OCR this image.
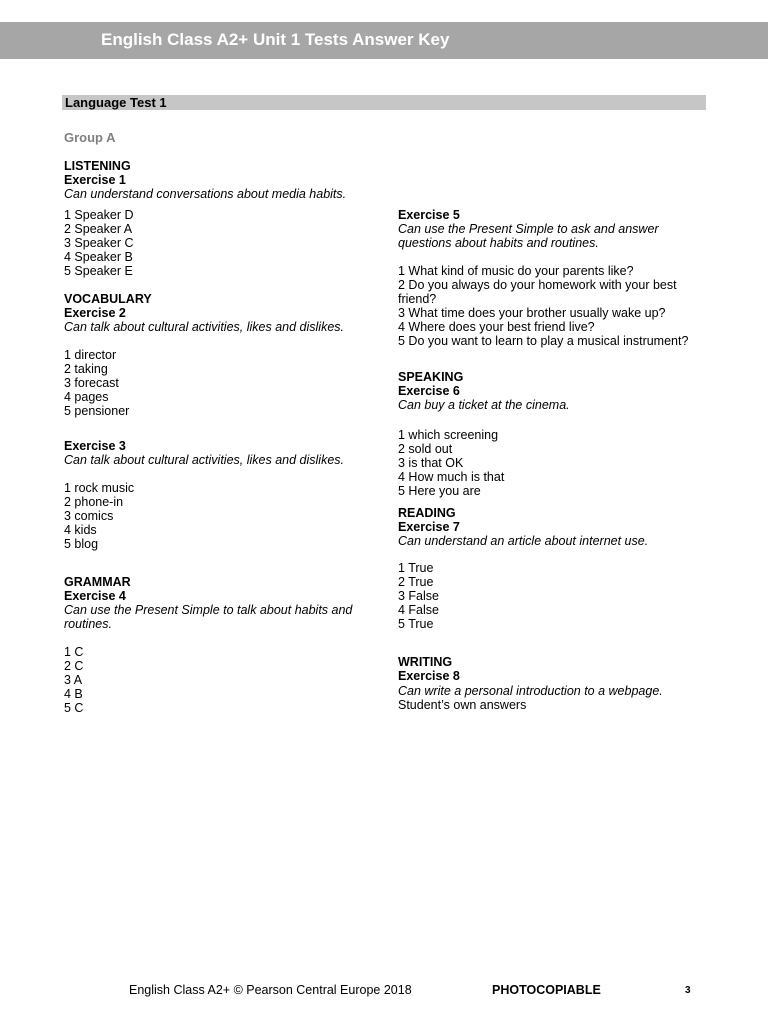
English Class A2+ Unit 1 Tests Answer Key
Language Test 1
Group A
LISTENING
Exercise 1
Can understand conversations about media habits.
1 Speaker D
2 Speaker A
3 Speaker C
4 Speaker B
5 Speaker E
VOCABULARY
Exercise 2
Can talk about cultural activities, likes and dislikes.
1 director
2 taking
3 forecast
4 pages
5 pensioner
Exercise 3
Can talk about cultural activities, likes and dislikes.
1 rock music
2 phone-in
3 comics
4 kids
5 blog
GRAMMAR
Exercise 4
Can use the Present Simple to talk about habits and
routines.
1 C
2 C
3 A
4 B
5 C
Exercise 5
Can use the Present Simple to ask and answer
questions about habits and routines.
1 What kind of music do your parents like?
2 Do you always do your homework with your best
friend?
3 What time does your brother usually wake up?
4 Where does your best friend live?
5 Do you want to learn to play a musical instrument?
SPEAKING
Exercise 6
Can buy a ticket at the cinema.
1 which screening
2 sold out
3 is that OK
4 How much is that
5 Here you are
READING
Exercise 7
Can understand an article about internet use.
1 True
2 True
3 False
4 False
5 True
WRITING
Exercise 8
Can write a personal introduction to a webpage.
Student’s own answers
English Class A2+ © Pearson Central Europe 2018	PHOTOCOPIABLE	3
